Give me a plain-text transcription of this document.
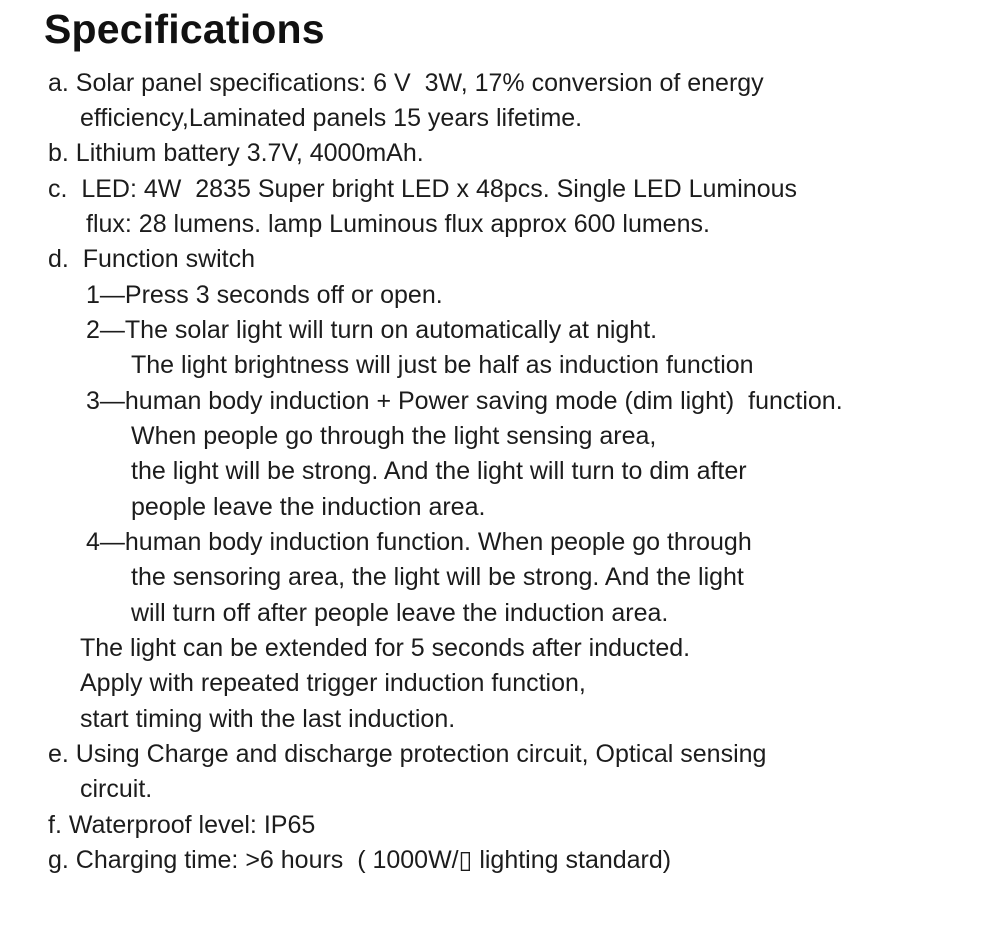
Specifications
a. Solar panel specifications: 6 V  3W, 17% conversion of energy
efficiency,Laminated panels 15 years lifetime.
b. Lithium battery 3.7V, 4000mAh.
c.  LED: 4W  2835 Super bright LED x 48pcs. Single LED Luminous
flux: 28 lumens. lamp Luminous flux approx 600 lumens.
d.  Function switch
1—Press 3 seconds off or open.
2—The solar light will turn on automatically at night.
The light brightness will just be half as induction function
3—human body induction + Power saving mode (dim light)  function.
When people go through the light sensing area,
the light will be strong. And the light will turn to dim after
people leave the induction area.
4—human body induction function. When people go through
the sensoring area, the light will be strong. And the light
will turn off after people leave the induction area.
The light can be extended for 5 seconds after inducted.
Apply with repeated trigger induction function,
start timing with the last induction.
e. Using Charge and discharge protection circuit, Optical sensing
circuit.
f. Waterproof level: IP65
g. Charging time: >6 hours  ( 1000W/▯ lighting standard)
